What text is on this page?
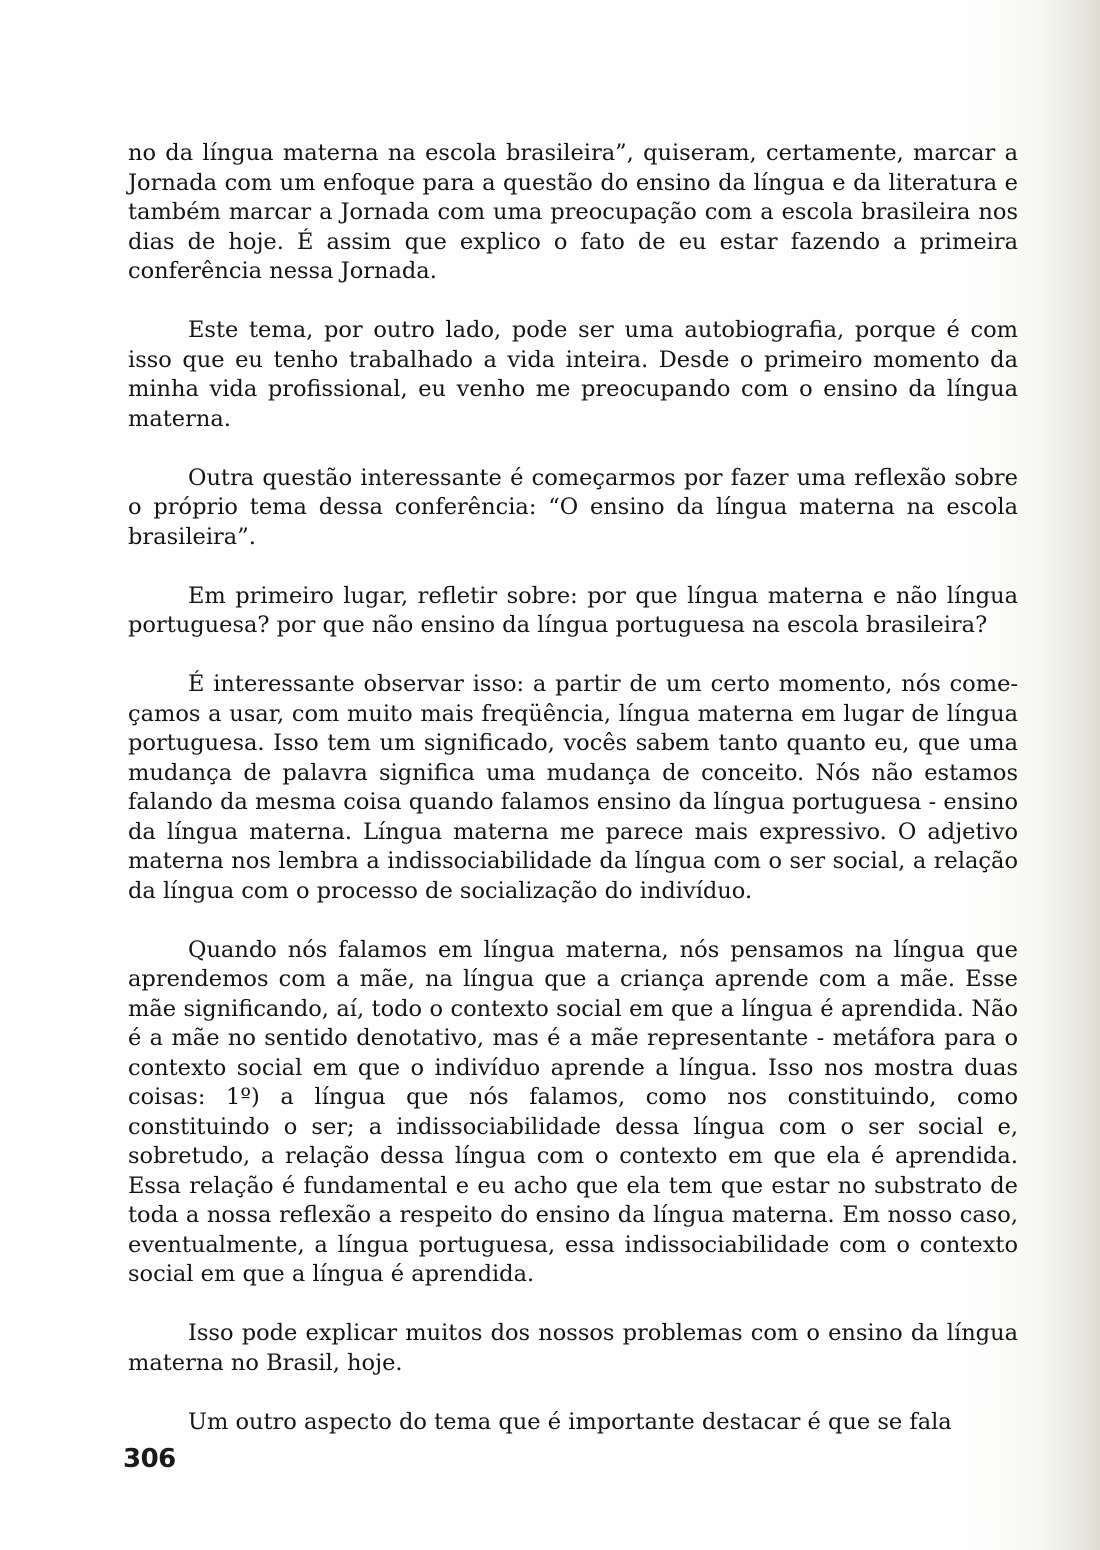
no da língua materna na escola brasileira”, quiseram, certamente, marcar a Jornada com um enfoque para a questão do ensino da língua e da literatura e também marcar a Jornada com uma preocupação com a escola brasileira nos dias de hoje. É assim que explico o fato de eu estar fazendo a primeira conferência nessa Jornada.

Este tema, por outro lado, pode ser uma autobiografia, porque é com isso que eu tenho trabalhado a vida inteira. Desde o primeiro momento da minha vida profissional, eu venho me preocupando com o ensino da língua materna.

Outra questão interessante é começarmos por fazer uma reflexão sobre o próprio tema dessa conferência: “O ensino da língua materna na escola brasileira”.

Em primeiro lugar, refletir sobre: por que língua materna e não língua portuguesa? por que não ensino da língua portuguesa na escola brasileira?

É interessante observar isso: a partir de um certo momento, nós começamos a usar, com muito mais freqüência, língua materna em lugar de língua portuguesa. Isso tem um significado, vocês sabem tanto quanto eu, que uma mudança de palavra significa uma mudança de conceito. Nós não estamos falando da mesma coisa quando falamos ensino da língua portuguesa - ensino da língua materna. Língua materna me parece mais expressivo. O adjetivo materna nos lembra a indissociabilidade da língua com o ser social, a relação da língua com o processo de socialização do indivíduo.

Quando nós falamos em língua materna, nós pensamos na língua que aprendemos com a mãe, na língua que a criança aprende com a mãe. Esse mãe significando, aí, todo o contexto social em que a língua é aprendida. Não é a mãe no sentido denotativo, mas é a mãe representante - metáfora para o contexto social em que o indivíduo aprende a língua. Isso nos mostra duas coisas: 1º) a língua que nós falamos, como nos constituindo, como constituindo o ser; a indissociabilidade dessa língua com o ser social e, sobretudo, a relação dessa língua com o contexto em que ela é aprendida. Essa relação é fundamental e eu acho que ela tem que estar no substrato de toda a nossa reflexão a respeito do ensino da língua materna. Em nosso caso, eventualmente, a língua portuguesa, essa indissociabilidade com o contexto social em que a língua é aprendida.

Isso pode explicar muitos dos nossos problemas com o ensino da língua materna no Brasil, hoje.

Um outro aspecto do tema que é importante destacar é que se fala

306
